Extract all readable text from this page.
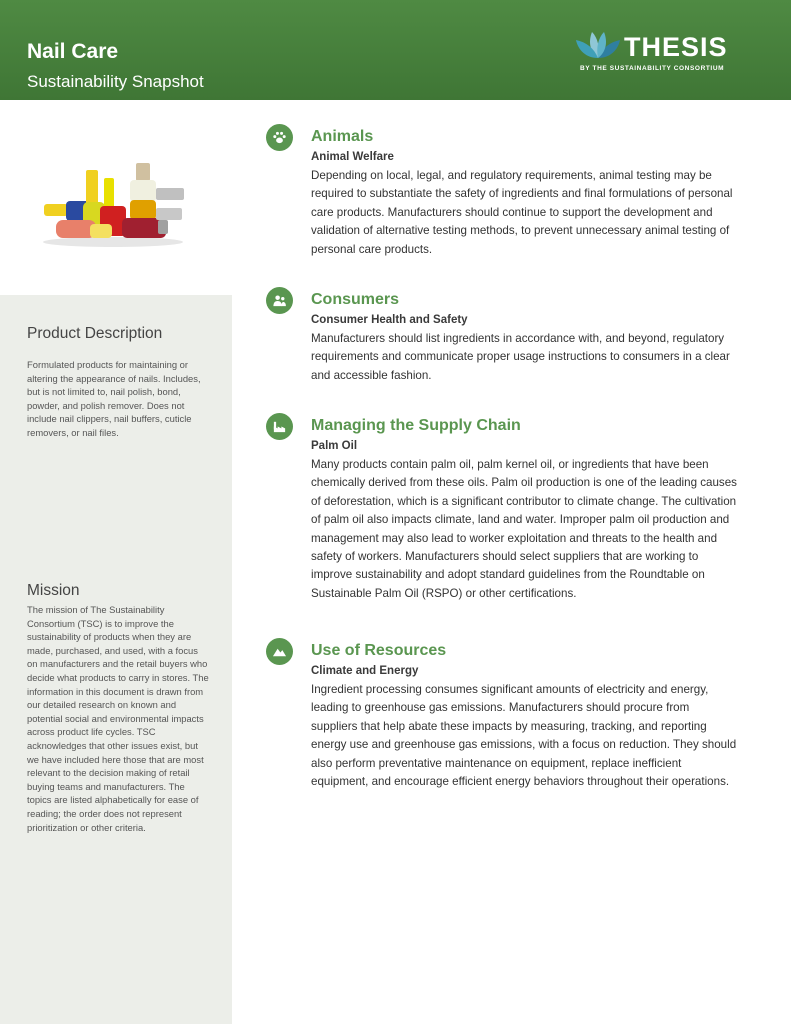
Nail Care
Sustainability Snapshot
THESIS
BY THE SUSTAINABILITY CONSORTIUM
Product Description

Formulated products for maintaining or altering the appearance of nails. Includes, but is not limited to, nail polish, bond, powder, and polish remover. Does not include nail clippers, nail buffers, cuticle removers, or nail files.

Mission

The mission of The Sustainability Consortium (TSC) is to improve the sustainability of products when they are made, purchased, and used, with a focus on manufacturers and the retail buyers who decide what products to carry in stores. The information in this document is drawn from our detailed research on known and potential social and environmental impacts across product life cycles. TSC acknowledges that other issues exist, but we have included here those that are most relevant to the decision making of retail buying teams and manufacturers. The topics are listed alphabetically for ease of reading; the order does not represent prioritization or other criteria.

Animals
Animal Welfare

Depending on local, legal, and regulatory requirements, animal testing may be required to substantiate the safety of ingredients and final formulations of personal care products. Manufacturers should continue to support the development and validation of alternative testing methods, to prevent unnecessary animal testing of personal care products.

Consumers
Consumer Health and Safety

Manufacturers should list ingredients in accordance with, and beyond, regulatory requirements and communicate proper usage instructions to consumers in a clear and accessible fashion.

Managing the Supply Chain
Palm Oil

Many products contain palm oil, palm kernel oil, or ingredients that have been chemically derived from these oils. Palm oil production is one of the leading causes of deforestation, which is a significant contributor to climate change. The cultivation of palm oil also impacts climate, land and water. Improper palm oil production and management may also lead to worker exploitation and threats to the health and safety of workers. Manufacturers should select suppliers that are working to improve sustainability and adopt standard guidelines from the Roundtable on Sustainable Palm Oil (RSPO) or other certifications.

Use of Resources
Climate and Energy

Ingredient processing consumes significant amounts of electricity and energy, leading to greenhouse gas emissions. Manufacturers should procure from suppliers that help abate these impacts by measuring, tracking, and reporting energy use and greenhouse gas emissions, with a focus on reduction. They should also perform preventative maintenance on equipment, replace inefficient equipment, and encourage efficient energy behaviors throughout their operations.
